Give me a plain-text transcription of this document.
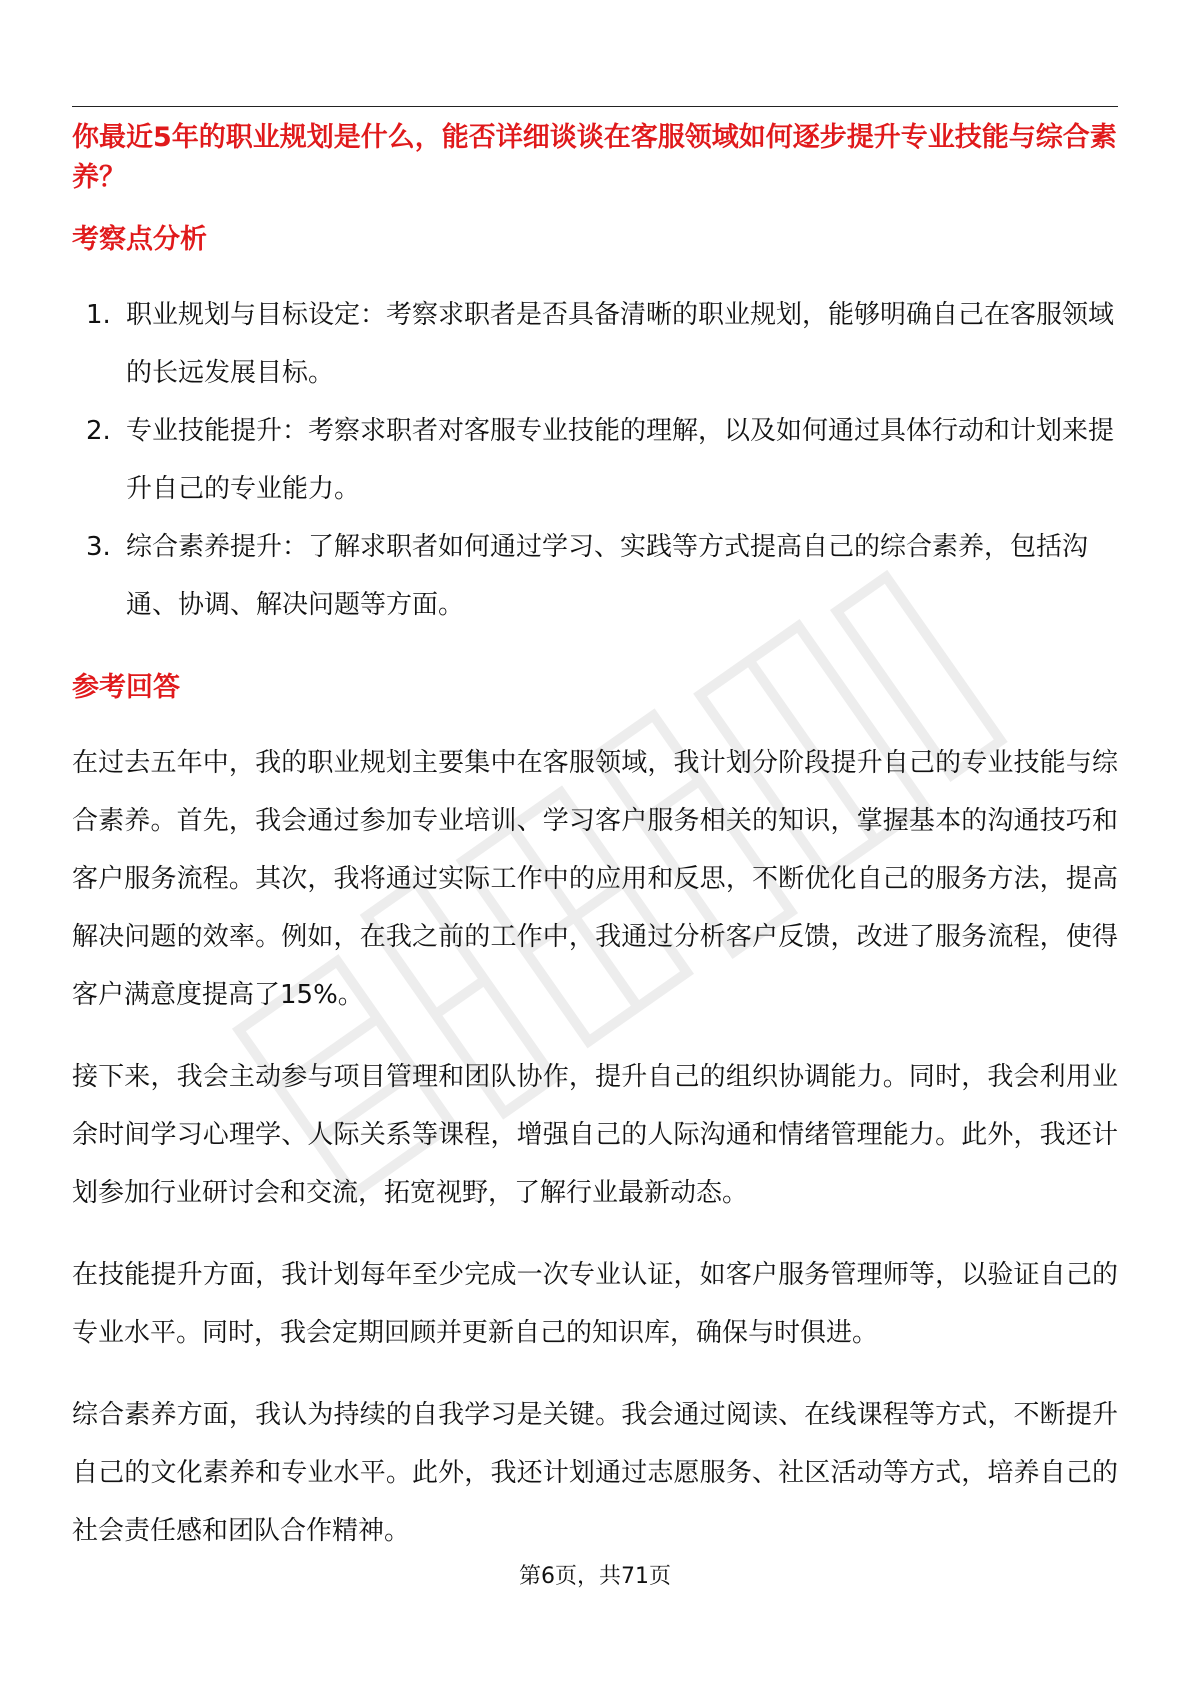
你最近5年的职业规划是什么，能否详细谈谈在客服领域如何逐步提升专业技能与综合素养？
考察点分析
1. 职业规划与目标设定：考察求职者是否具备清晰的职业规划，能够明确自己在客服领域的长远发展目标。
2. 专业技能提升：考察求职者对客服专业技能的理解，以及如何通过具体行动和计划来提升自己的专业能力。
3. 综合素养提升：了解求职者如何通过学习、实践等方式提高自己的综合素养，包括沟通、协调、解决问题等方面。
参考回答

在过去五年中，我的职业规划主要集中在客服领域，我计划分阶段提升自己的专业技能与综合素养。首先，我会通过参加专业培训、学习客户服务相关的知识，掌握基本的沟通技巧和客户服务流程。其次，我将通过实际工作中的应用和反思，不断优化自己的服务方法，提高解决问题的效率。例如，在我之前的工作中，我通过分析客户反馈，改进了服务流程，使得客户满意度提高了15%。

接下来，我会主动参与项目管理和团队协作，提升自己的组织协调能力。同时，我会利用业余时间学习心理学、人际关系等课程，增强自己的人际沟通和情绪管理能力。此外，我还计划参加行业研讨会和交流，拓宽视野，了解行业最新动态。

在技能提升方面，我计划每年至少完成一次专业认证，如客户服务管理师等，以验证自己的专业水平。同时，我会定期回顾并更新自己的知识库，确保与时俱进。

综合素养方面，我认为持续的自我学习是关键。我会通过阅读、在线课程等方式，不断提升自己的文化素养和专业水平。此外，我还计划通过志愿服务、社区活动等方式，培养自己的社会责任感和团队合作精神。

第6页，共71页
